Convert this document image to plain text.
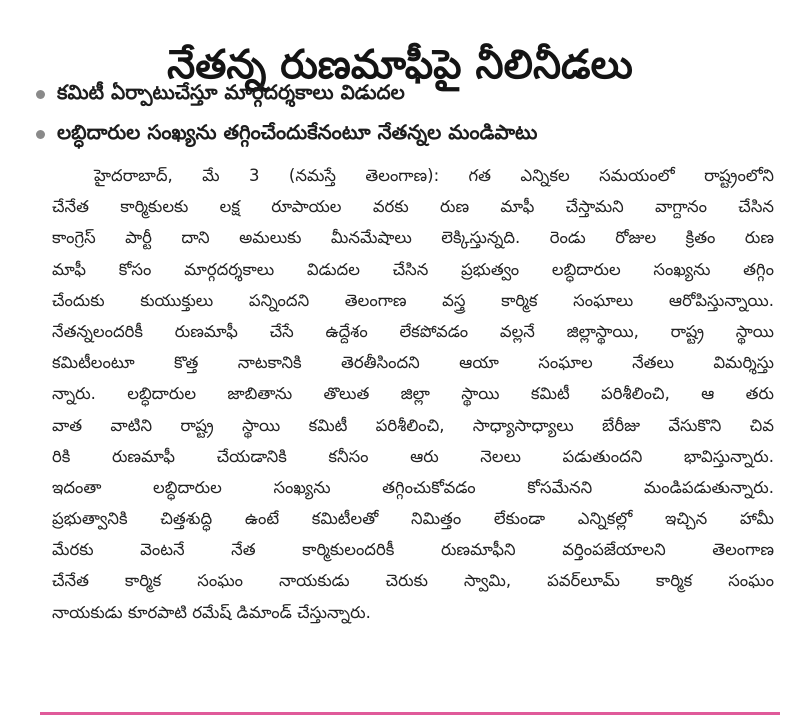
నేతన్న రుణమాఫీపై నీలినీడలు
కమిటీ ఏర్పాటుచేస్తూ మార్గదర్శకాలు విడుదల
లబ్ధిదారుల సంఖ్యను తగ్గించేందుకేనంటూ నేతన్నల మండిపాటు
హైదరాబాద్, మే 3 (నమస్తే తెలంగాణ): గత ఎన్నికల సమయంలో రాష్ట్రంలోని
చేనేత కార్మికులకు లక్ష రూపాయల వరకు రుణ మాఫీ చేస్తామని వాగ్దానం చేసిన
కాంగ్రెస్ పార్టీ దాని అమలుకు మీనమేషాలు లెక్కిస్తున్నది. రెండు రోజుల క్రితం రుణ
మాఫీ కోసం మార్గదర్శకాలు విడుదల చేసిన ప్రభుత్వం లబ్ధిదారుల సంఖ్యను తగ్గిం
చేందుకు కుయుక్తులు పన్నిందని తెలంగాణ వస్త్ర కార్మిక సంఘాలు ఆరోపిస్తున్నాయి.
నేతన్నలందరికీ రుణమాఫీ చేసే ఉద్దేశం లేకపోవడం వల్లనే జిల్లాస్థాయి, రాష్ట్ర స్థాయి
కమిటీలంటూ కొత్త నాటకానికి తెరతీసిందని ఆయా సంఘాల నేతలు విమర్శిస్తు
న్నారు. లబ్ధిదారుల జాబితాను తొలుత జిల్లా స్థాయి కమిటీ పరిశీలించి, ఆ తరు
వాత వాటిని రాష్ట్ర స్థాయి కమిటీ పరిశీలించి, సాధ్యాసాధ్యాలు బేరీజు వేసుకొని చివ
రికి రుణమాఫీ చేయడానికి కనీసం ఆరు నెలలు పడుతుందని భావిస్తున్నారు.
ఇదంతా లబ్ధిదారుల సంఖ్యను తగ్గించుకోవడం కోసమేనని మండిపడుతున్నారు.
ప్రభుత్వానికి చిత్తశుద్ధి ఉంటే కమిటీలతో నిమిత్తం లేకుండా ఎన్నికల్లో ఇచ్చిన హామీ
మేరకు వెంటనే నేత కార్మికులందరికీ రుణమాఫీని వర్తింపజేయాలని తెలంగాణ
చేనేత కార్మిక సంఘం నాయకుడు చెరుకు స్వామి, పవర్‌లూమ్ కార్మిక సంఘం
నాయకుడు కూరపాటి రమేష్ డిమాండ్ చేస్తున్నారు.
